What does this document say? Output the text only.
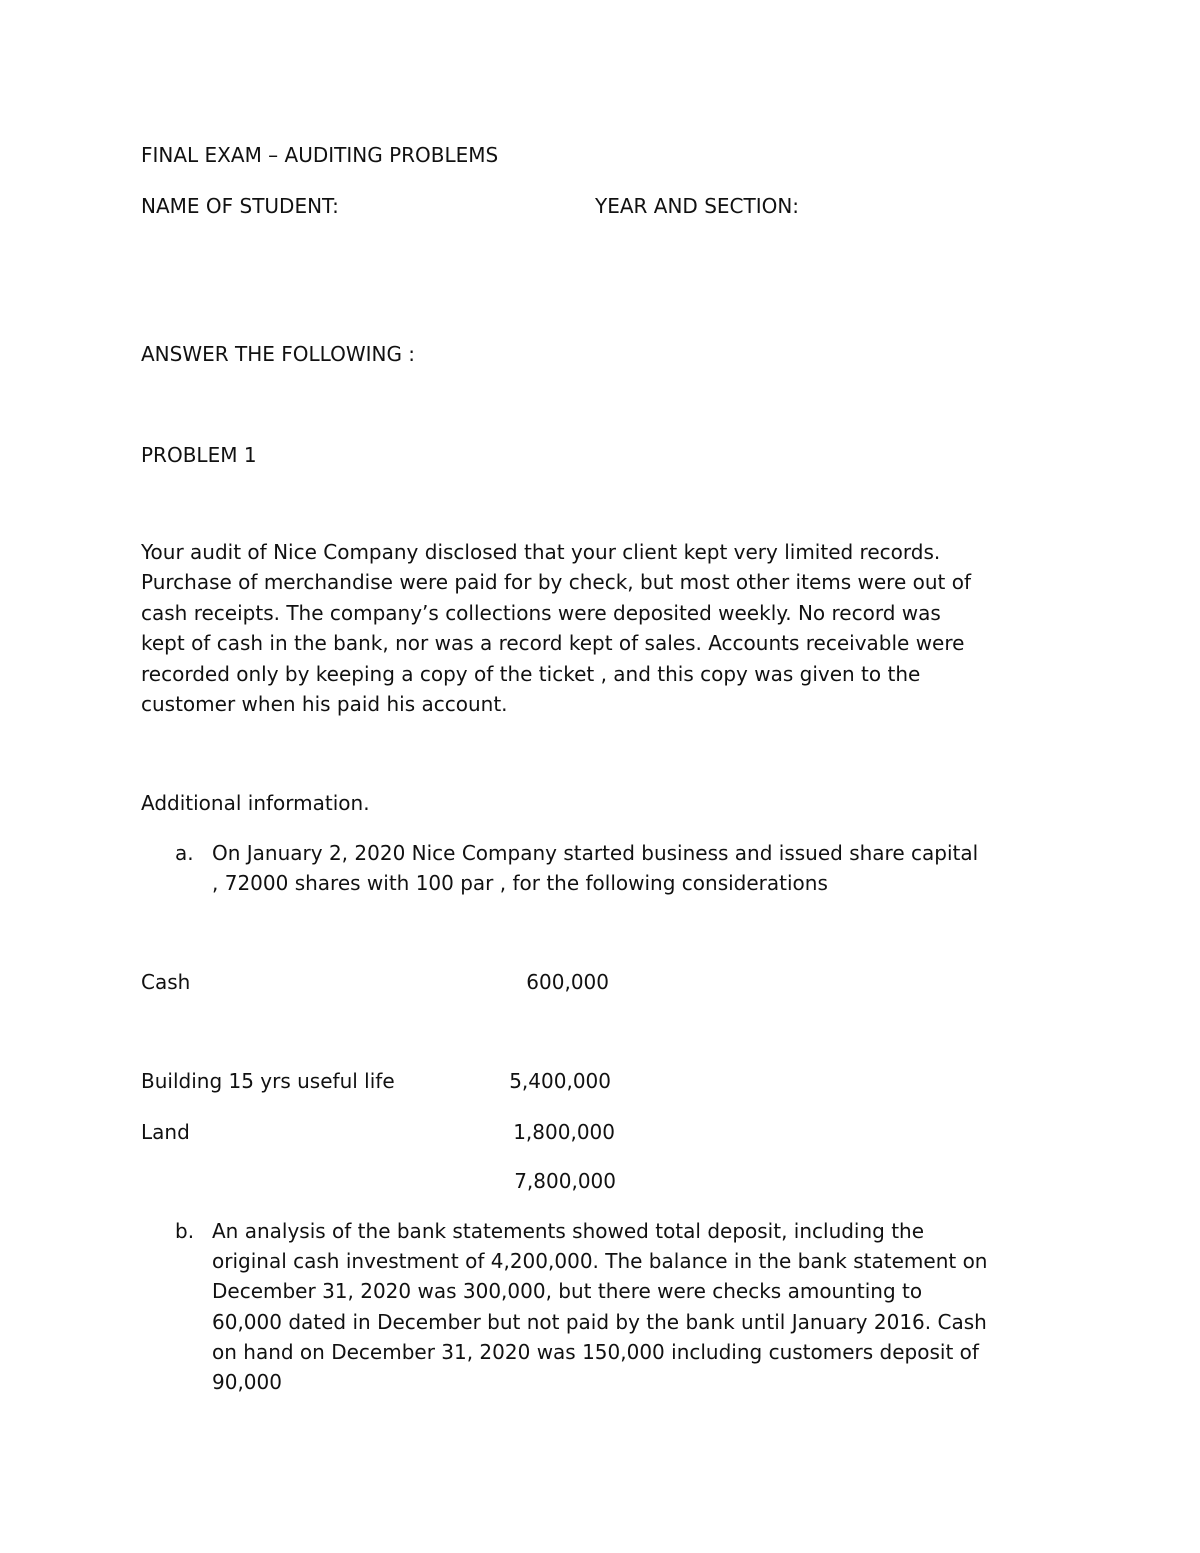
FINAL EXAM – AUDITING PROBLEMS
NAME OF STUDENT:	YEAR AND SECTION:
ANSWER THE FOLLOWING :
PROBLEM 1
Your audit of Nice Company disclosed that your client kept very limited records.
Purchase of merchandise were paid for by check, but most other items were out of
cash receipts. The company’s collections were deposited weekly. No record was
kept of cash in the bank, nor was a record kept of sales. Accounts receivable were
recorded only by keeping a copy of the ticket , and this copy was given to the
customer when his paid his account.
Additional information.
a. On January 2, 2020 Nice Company started business and issued share capital
, 72000 shares with 100 par , for the following considerations
Cash	600,000
Building 15 yrs useful life	5,400,000
Land	1,800,000
7,800,000
b. An analysis of the bank statements showed total deposit, including the
original cash investment of 4,200,000. The balance in the bank statement on
December 31, 2020 was 300,000, but there were checks amounting to
60,000 dated in December but not paid by the bank until January 2016. Cash
on hand on December 31, 2020 was 150,000 including customers deposit of
90,000
